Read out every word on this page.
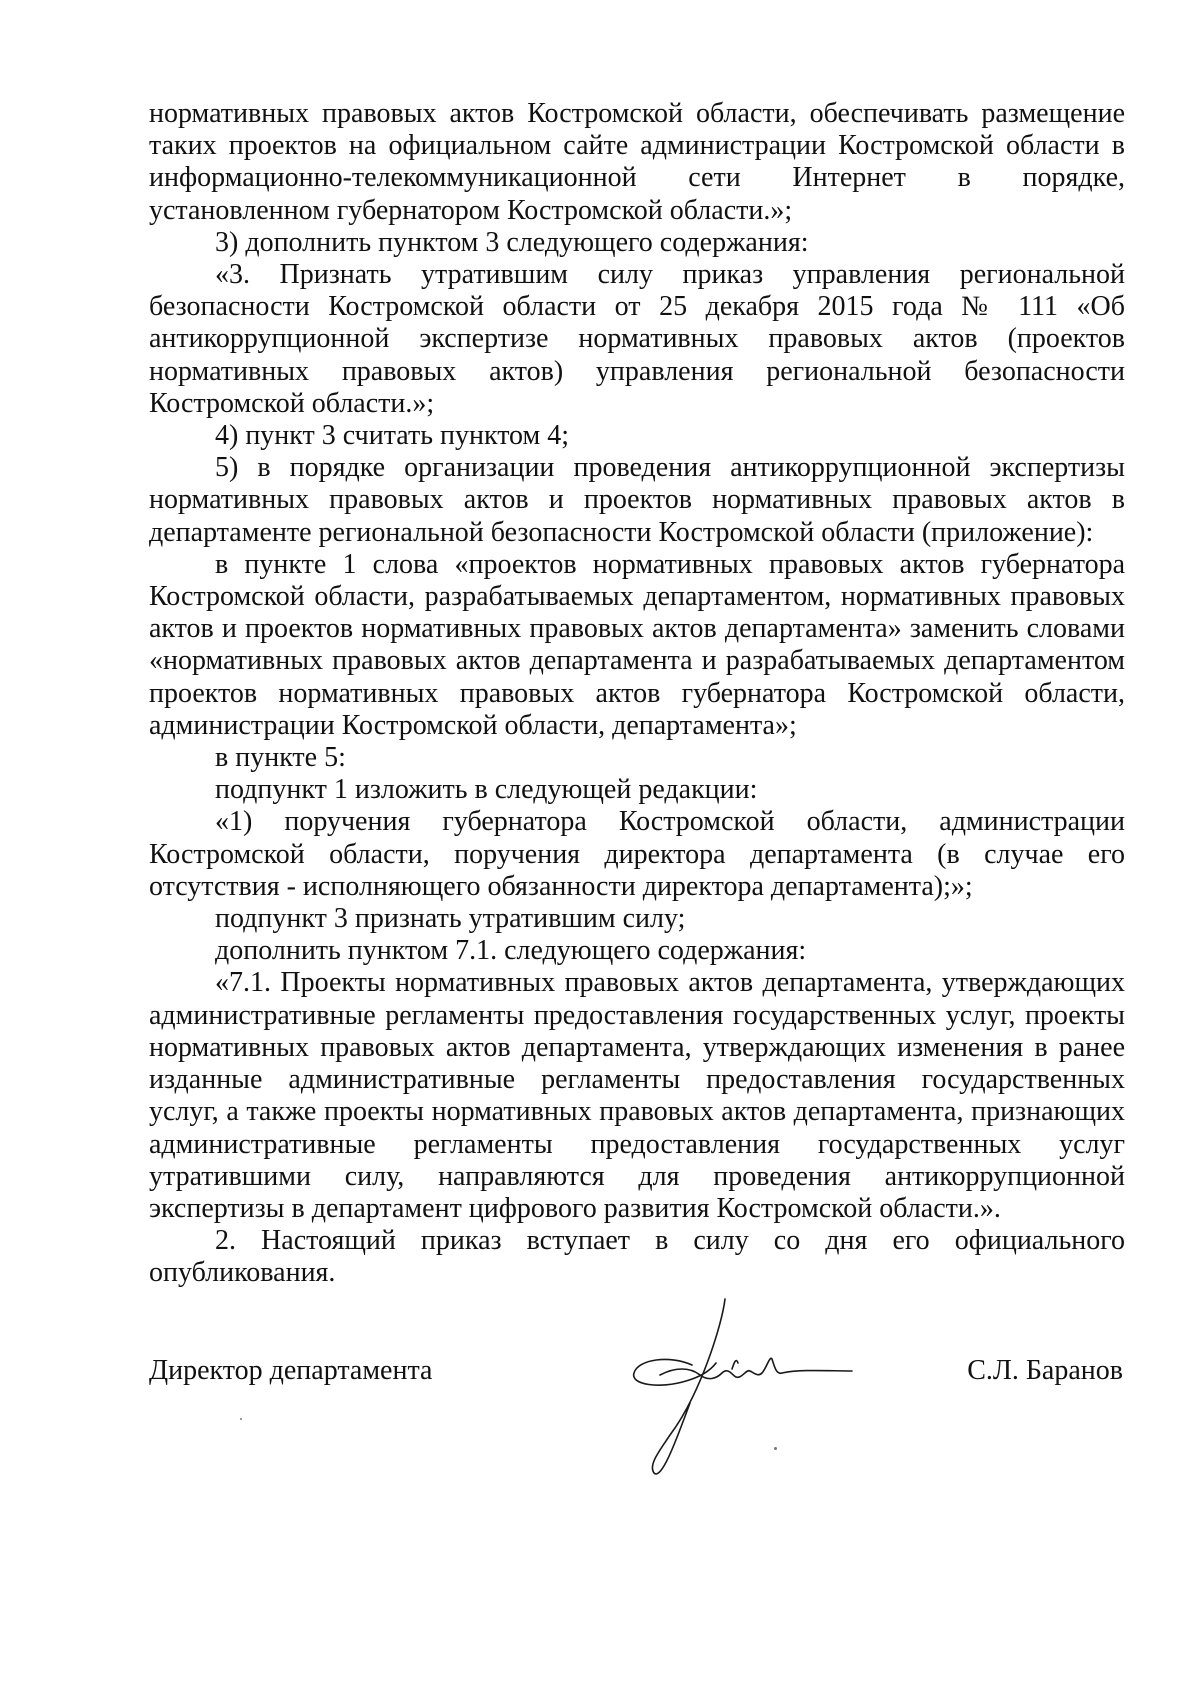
нормативных правовых актов Костромской области, обеспечивать размещение таких проектов на официальном сайте администрации Костромской области в информационно-телекоммуникационной сети Интернет в порядке, установленном губернатором Костромской области.»;

3) дополнить пунктом 3 следующего содержания:

«3. Признать утратившим силу приказ управления региональной безопасности Костромской области от 25 декабря 2015 года № 111 «Об антикоррупционной экспертизе нормативных правовых актов (проектов нормативных правовых актов) управления региональной безопасности Костромской области.»;

4) пункт 3 считать пунктом 4;

5) в порядке организации проведения антикоррупционной экспертизы нормативных правовых актов и проектов нормативных правовых актов в департаменте региональной безопасности Костромской области (приложение):

в пункте 1 слова «проектов нормативных правовых актов губернатора Костромской области, разрабатываемых департаментом, нормативных правовых актов и проектов нормативных правовых актов департамента» заменить словами «нормативных правовых актов департамента и разрабатываемых департаментом проектов нормативных правовых актов губернатора Костромской области, администрации Костромской области, департамента»;

в пункте 5:

подпункт 1 изложить в следующей редакции:

«1) поручения губернатора Костромской области, администрации Костромской области, поручения директора департамента (в случае его отсутствия - исполняющего обязанности директора департамента);»;

подпункт 3 признать утратившим силу;

дополнить пунктом 7.1. следующего содержания:

«7.1. Проекты нормативных правовых актов департамента, утверждающих административные регламенты предоставления государственных услуг, проекты нормативных правовых актов департамента, утверждающих изменения в ранее изданные административные регламенты предоставления государственных услуг, а также проекты нормативных правовых актов департамента, признающих административные регламенты предоставления государственных услуг утратившими силу, направляются для проведения антикоррупционной экспертизы в департамент цифрового развития Костромской области.».

2. Настоящий приказ вступает в силу со дня его официального опубликования.

Директор департамента	С.Л. Баранов
